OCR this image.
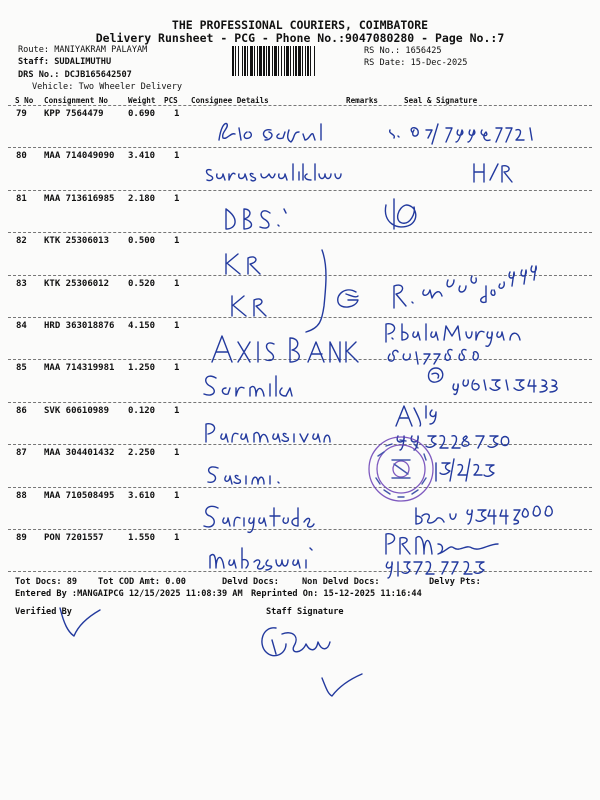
THE PROFESSIONAL COURIERS, COIMBATORE
Delivery Runsheet - PCG - Phone No.:9047080280 - Page No.:7
Route: MANIYAKRAM PALAYAM
Staff: SUDALIMUTHU
DRS No.: DCJB165642507
Vehicle: Two Wheeler Delivery
RS No.: 1656425
RS Date: 15-Dec-2025
S No Consignment No	Weight PCS Consignee Details	Remarks	Seal & Signature
79 KPP 7564479	0.690 1
80 MAA 714049090 3.410 1
81 MAA 713616985 2.180 1
82 KTK 25306013 0.500 1
83 KTK 25306012 0.520 1
84 HRD 363018876 4.150 1
85 MAA 714319981 1.250 1
86 SVK 60610989 0.120 1
87 MAA 304401432 2.250 1
88 MAA 710508495 3.610 1
89 PON 7201557	1.550 1
Tot Docs: 89 Tot COD Amt: 0.00	Delvd Docs:	Non Delvd Docs:	Delvy Pts:
Entered By :MANGAIPCG 12/15/2025 11:08:39 AM Reprinted On: 15-12-2025 11:16:44
Verified By	Staff Signature
